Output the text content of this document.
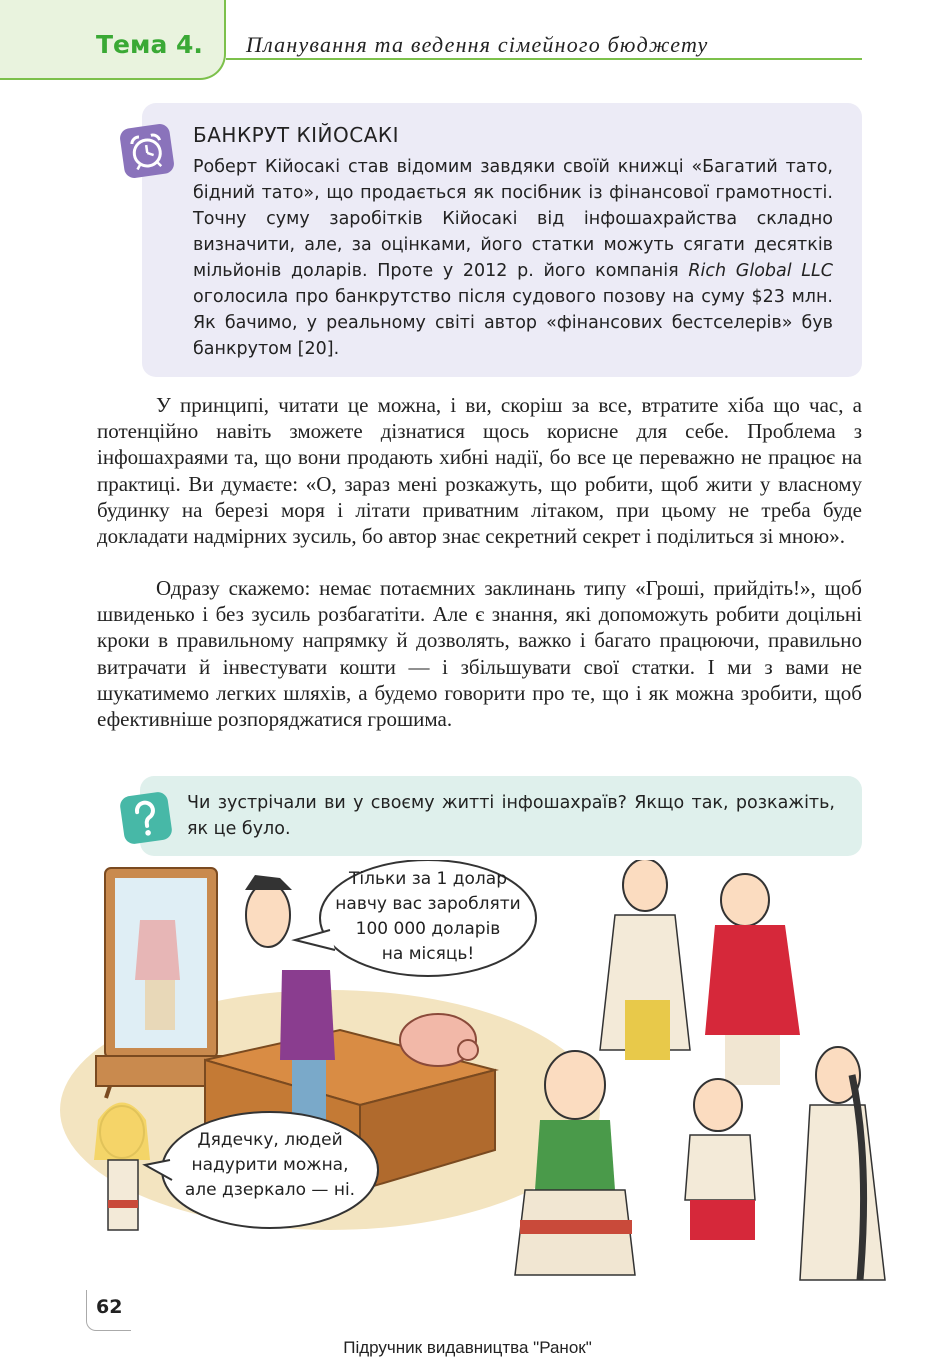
Тема 4. Планування та ведення сімейного бюджету
БАНКРУТ КІЙОСАКІ
Роберт Кійосакі став відомим завдяки своїй книжці «Багатий тато, бідний тато», що продається як посібник із фінансової грамотності. Точну суму заробітків Кійосакі від інфошахрайства складно визначити, але, за оцінками, його статки можуть сягати десятків мільйонів доларів. Проте у 2012 р. його компанія Rich Global LLC оголосила про банкрутство після судового позову на суму $23 млн. Як бачимо, у реальному світі автор «фінансових бестселерів» був банкрутом [20].

У принципі, читати це можна, і ви, скоріш за все, втратите хіба що час, а потенційно навіть зможете дізнатися щось корисне для себе. Проблема з інфошахраями та, що вони продають хибні надії, бо все це переважно не працює на практиці. Ви думаєте: «О, зараз мені розкажуть, що робити, щоб жити у власному будинку на березі моря і літати приватним літаком, при цьому не треба буде докладати надмірних зусиль, бо автор знає секретний секрет і поділиться зі мною».

Одразу скажемо: немає потаємних заклинань типу «Гроші, прийдіть!», щоб швиденько і без зусиль розбагатіти. Але є знання, які допоможуть робити доцільні кроки в правильному напрямку й дозволять, важко і багато працюючи, правильно витрачати й інвестувати кошти — і збільшувати свої статки. І ми з вами не шукатимемо легких шляхів, а будемо говорити про те, що і як можна зробити, щоб ефективніше розпоряджатися грошима.

Чи зустрічали ви у своєму житті інфошахраїв? Якщо так, розкажіть, як це було.
Тільки за 1 долар
навчу вас заробляти
100 000 доларів
на місяць!
Дядечку, людей
надурити можна,
але дзеркало — ні.
62
Підручник видавництва "Ранок"
